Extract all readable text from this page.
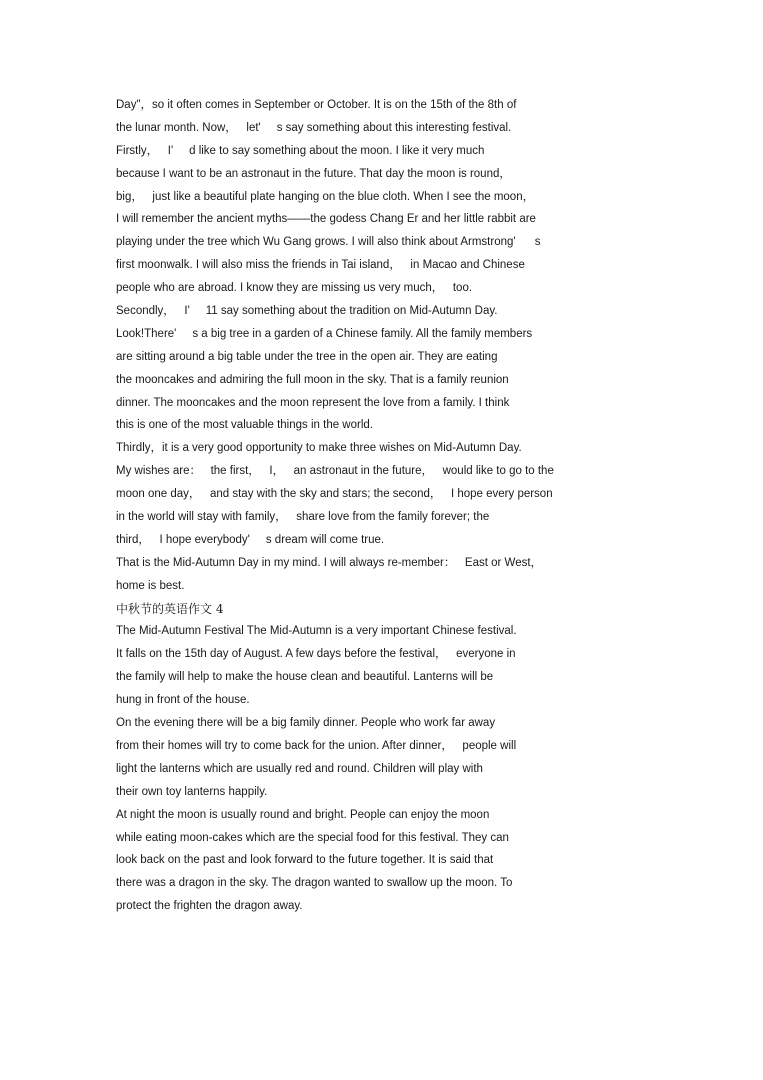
Day"，so it often comes in September or October. It is on the 15th of the 8th of
the lunar month. Now，   let'     s say something about this interesting festival.
Firstly，   I'     d like to say something about the moon. I like it very much
because I want to be an astronaut in the future. That day the moon is round，
big，   just like a beautiful plate hanging on the blue cloth. When I see the moon，
I will remember the ancient myths——the godess Chang Er and her little rabbit are
playing under the tree which Wu Gang grows. I will also think about Armstrong'      s
first moonwalk. I will also miss the friends in Tai island，   in Macao and Chinese
people who are abroad. I know they are missing us very much，   too.
Secondly，   I'     11 say something about the tradition on Mid-Autumn Day.
Look!There'     s a big tree in a garden of a Chinese family. All the family members
are sitting around a big table under the tree in the open air. They are eating
the mooncakes and admiring the full moon in the sky. That is a family reunion
dinner. The mooncakes and the moon represent the love from a family. I think
this is one of the most valuable things in the world.
Thirdly，it is a very good opportunity to make three wishes on Mid-Autumn Day.
My wishes are：   the first，   I，   an astronaut in the future，   would like to go to the
moon one day，   and stay with the sky and stars; the second，   I hope every person
in the world will stay with family，   share love from the family forever; the
third，   I hope everybody'     s dream will come true.
That is the Mid-Autumn Day in my mind. I will always re-member：   East or West，
home is best.
中秋节的英语作文 4
The Mid-Autumn Festival The Mid-Autumn is a very important Chinese festival.
It falls on the 15th day of August. A few days before the festival，   everyone in
the family will help to make the house clean and beautiful. Lanterns will be
hung in front of the house.
On the evening there will be a big family dinner. People who work far away
from their homes will try to come back for the union. After dinner，   people will
light the lanterns which are usually red and round. Children will play with
their own toy lanterns happily.
At night the moon is usually round and bright. People can enjoy the moon
while eating moon-cakes which are the special food for this festival. They can
look back on the past and look forward to the future together. It is said that
there was a dragon in the sky. The dragon wanted to swallow up the moon. To
protect the frighten the dragon away.
